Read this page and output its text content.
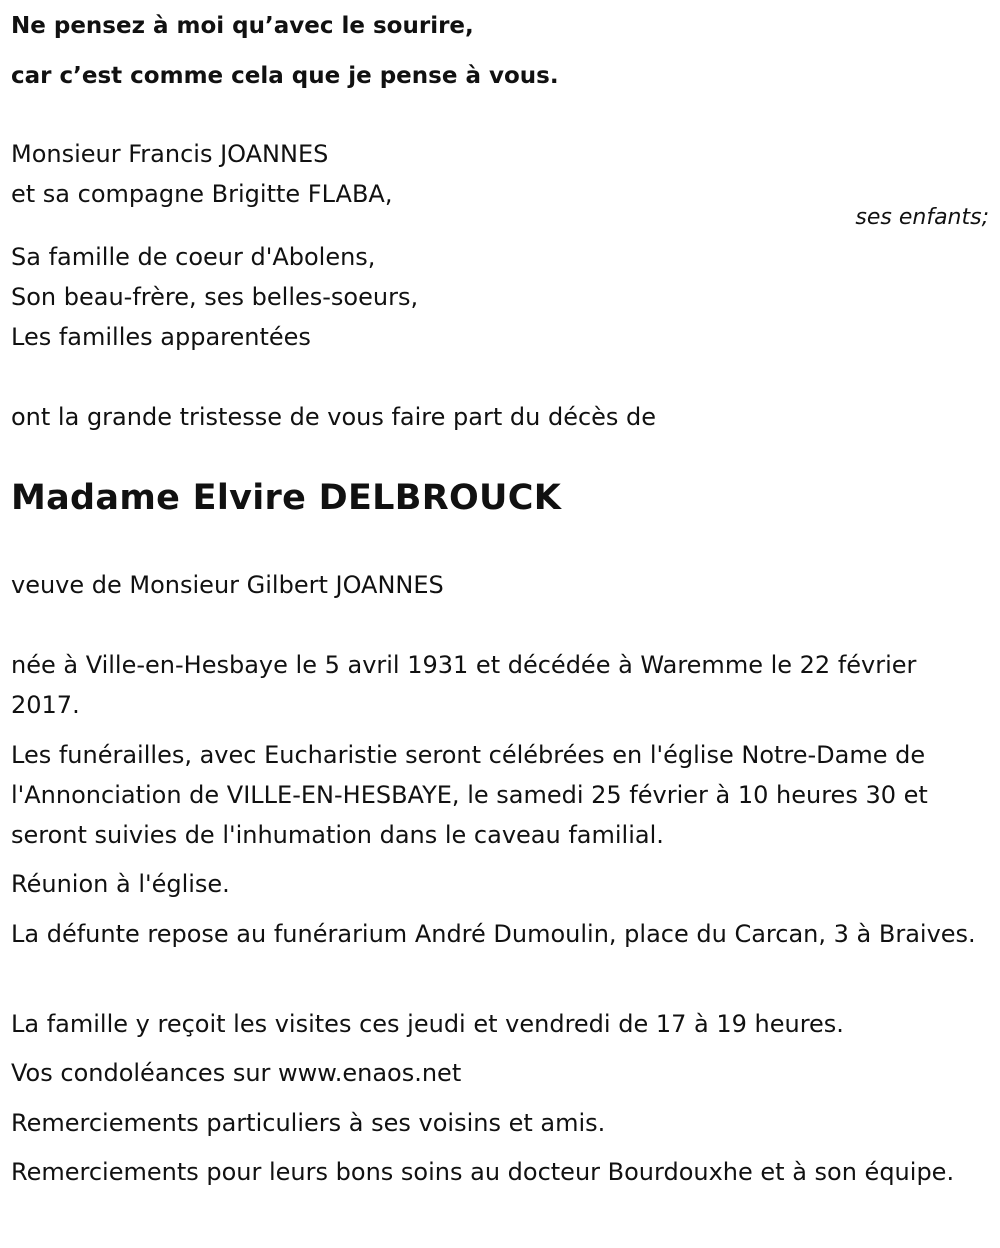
Ne pensez à moi qu’avec le sourire,
car c’est comme cela que je pense à vous.
Monsieur Francis JOANNES
et sa compagne Brigitte FLABA,
ses enfants;
Sa famille de coeur d'Abolens,
Son beau-frère, ses belles-soeurs,
Les familles apparentées
ont la grande tristesse de vous faire part du décès de
Madame Elvire DELBROUCK
veuve de Monsieur Gilbert JOANNES
née à Ville-en-Hesbaye le 5 avril 1931 et décédée à Waremme le 22 février 2017.
Les funérailles, avec Eucharistie seront célébrées en l'église Notre-Dame de l'Annonciation de VILLE-EN-HESBAYE, le samedi 25 février à 10 heures 30 et seront suivies de l'inhumation dans le caveau familial.
Réunion à l'église.
La défunte repose au funérarium André Dumoulin, place du Carcan, 3 à Braives.
La famille y reçoit les visites ces jeudi et vendredi de 17 à 19 heures.
Vos condoléances sur www.enaos.net
Remerciements particuliers à ses voisins et amis.
Remerciements pour leurs bons soins au docteur Bourdouxhe et à son équipe.
